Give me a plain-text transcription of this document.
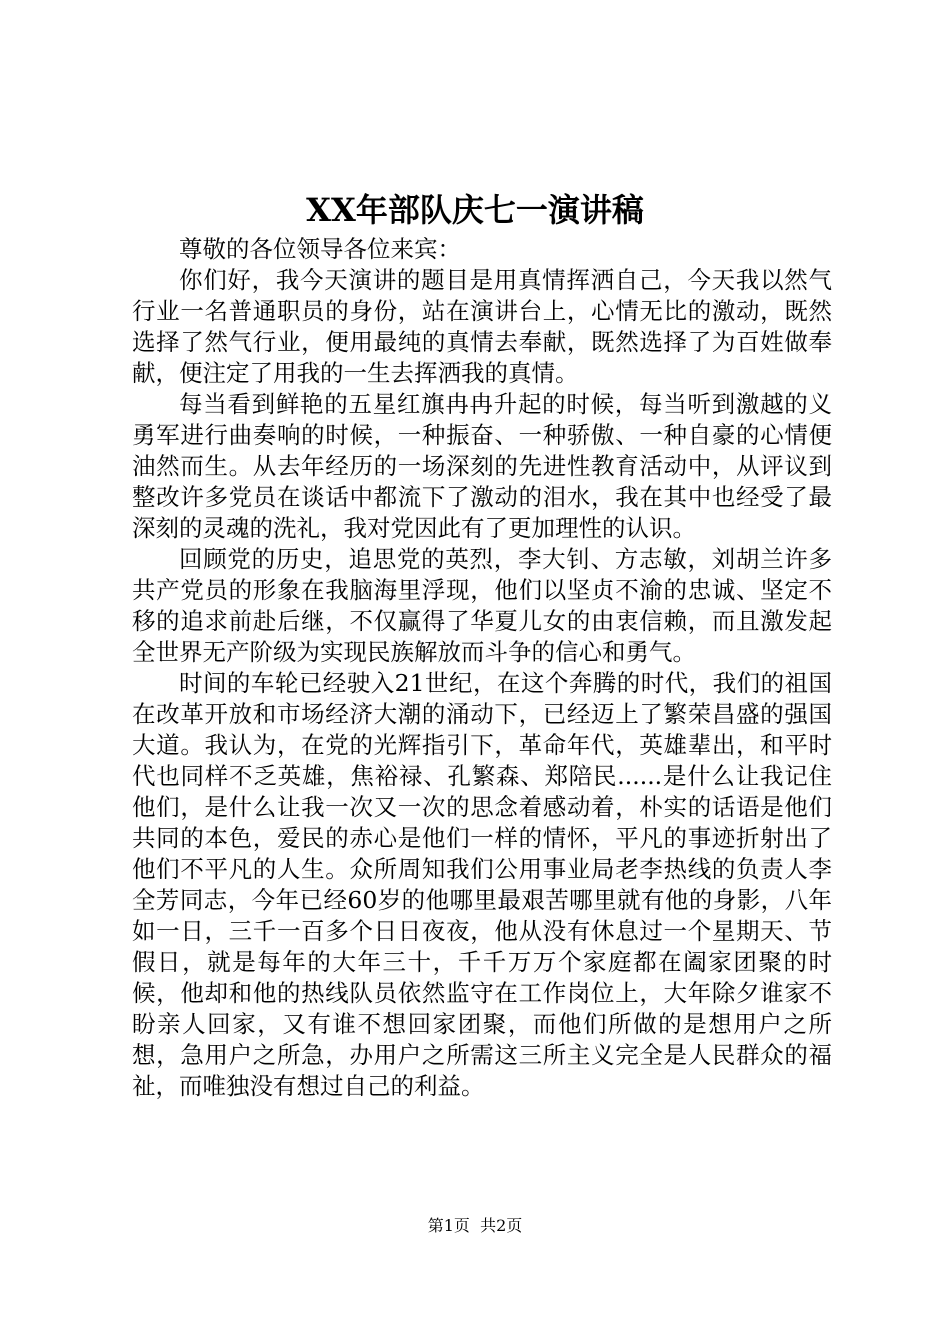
XX年部队庆七一演讲稿

尊敬的各位领导各位来宾：

你们好，我今天演讲的题目是用真情挥洒自己，今天我以然气行业一名普通职员的身份，站在演讲台上，心情无比的激动，既然选择了然气行业，便用最纯的真情去奉献，既然选择了为百姓做奉献，便注定了用我的一生去挥洒我的真情。

每当看到鲜艳的五星红旗冉冉升起的时候，每当听到激越的义勇军进行曲奏响的时候，一种振奋、一种骄傲、一种自豪的心情便油然而生。从去年经历的一场深刻的先进性教育活动中，从评议到整改许多党员在谈话中都流下了激动的泪水，我在其中也经受了最深刻的灵魂的洗礼，我对党因此有了更加理性的认识。

回顾党的历史，追思党的英烈，李大钊、方志敏，刘胡兰许多共产党员的形象在我脑海里浮现，他们以坚贞不渝的忠诚、坚定不移的追求前赴后继，不仅赢得了华夏儿女的由衷信赖，而且激发起全世界无产阶级为实现民族解放而斗争的信心和勇气。

时间的车轮已经驶入21世纪，在这个奔腾的时代，我们的祖国在改革开放和市场经济大潮的涌动下，已经迈上了繁荣昌盛的强国大道。我认为，在党的光辉指引下，革命年代，英雄辈出，和平时代也同样不乏英雄，焦裕禄、孔繁森、郑陪民......是什么让我记住他们，是什么让我一次又一次的思念着感动着，朴实的话语是他们共同的本色，爱民的赤心是他们一样的情怀，平凡的事迹折射出了他们不平凡的人生。众所周知我们公用事业局老李热线的负责人李全芳同志，今年已经60岁的他哪里最艰苦哪里就有他的身影，八年如一日，三千一百多个日日夜夜，他从没有休息过一个星期天、节假日，就是每年的大年三十，千千万万个家庭都在阖家团聚的时候，他却和他的热线队员依然监守在工作岗位上，大年除夕谁家不盼亲人回家，又有谁不想回家团聚，而他们所做的是想用户之所想，急用户之所急，办用户之所需这三所主义完全是人民群众的福祉，而唯独没有想过自己的利益。

第1页 共2页
